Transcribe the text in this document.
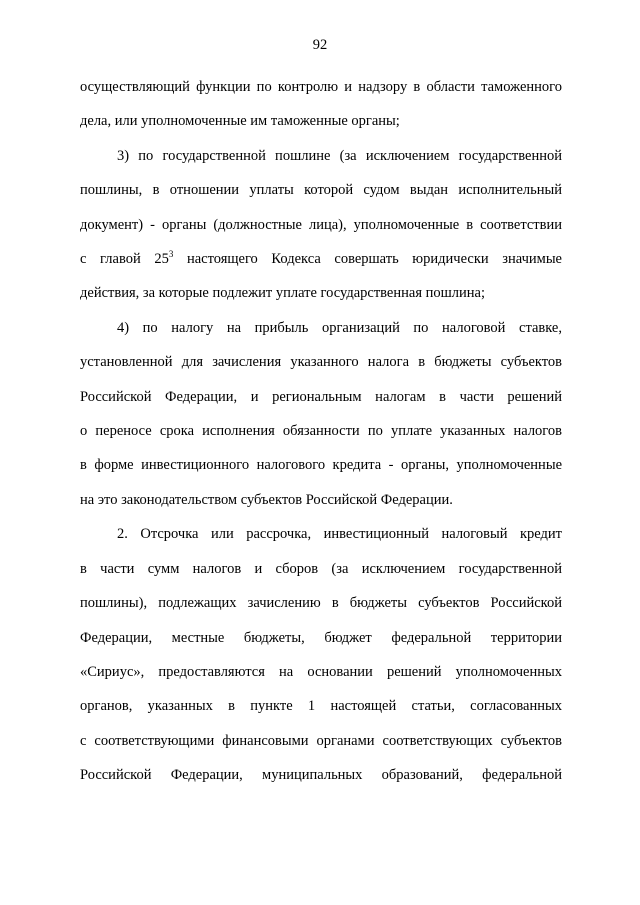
92
осуществляющий функции по контролю и надзору в области таможенного
дела, или уполномоченные им таможенные органы;
3) по государственной пошлине (за исключением государственной
пошлины, в отношении уплаты которой судом выдан исполнительный
документ) - органы (должностные лица), уполномоченные в соответствии
с главой $25^3$ настоящего Кодекса совершать юридически значимые
действия, за которые подлежит уплате государственная пошлина;
4) по налогу на прибыль организаций по налоговой ставке,
установленной для зачисления указанного налога в бюджеты субъектов
Российской Федерации, и региональным налогам в части решений
о переносе срока исполнения обязанности по уплате указанных налогов
в форме инвестиционного налогового кредита - органы, уполномоченные
на это законодательством субъектов Российской Федерации.
2. Отсрочка или рассрочка, инвестиционный налоговый кредит
в части сумм налогов и сборов (за исключением государственной
пошлины), подлежащих зачислению в бюджеты субъектов Российской
Федерации, местные бюджеты, бюджет федеральной территории
«Сириус», предоставляются на основании решений уполномоченных
органов, указанных в пункте 1 настоящей статьи, согласованных
с соответствующими финансовыми органами соответствующих субъектов
Российской Федерации, муниципальных образований, федеральной
